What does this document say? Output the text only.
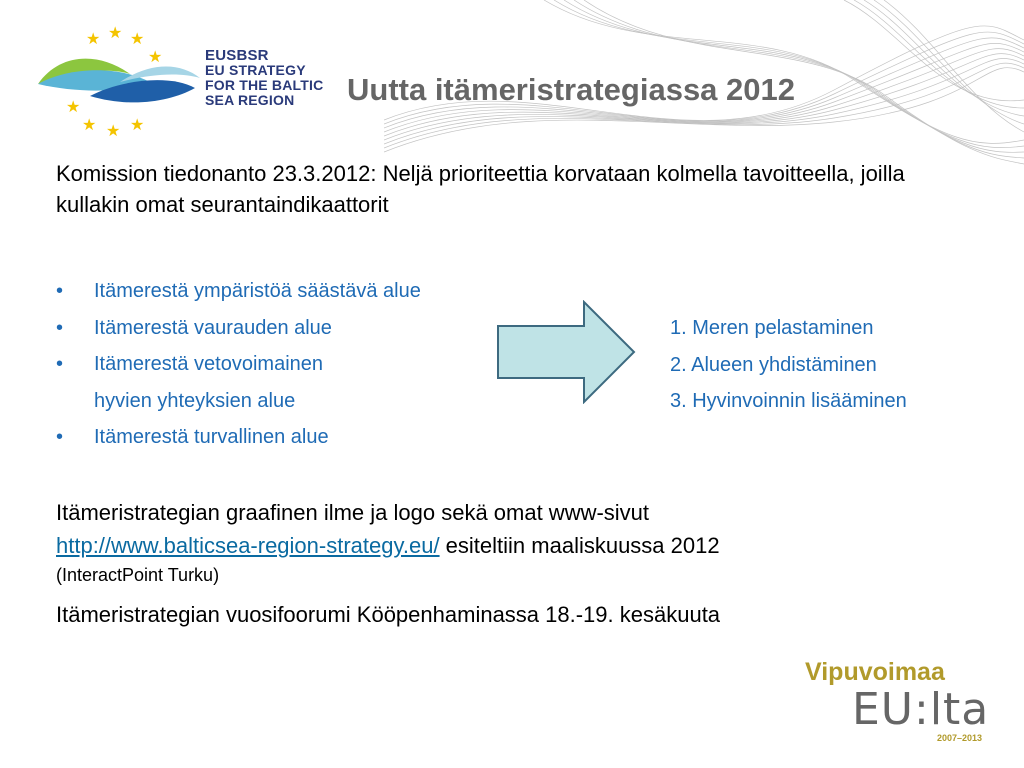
★ ★ ★
★
★
★ ★ ★
EUSBSR
EU STRATEGY
FOR THE BALTIC
SEA REGION	Uutta itämeristrategiassa 2012
Komission tiedonanto 23.3.2012: Neljä prioriteettia korvataan kolmella tavoitteella, joilla kullakin omat seurantaindikaattorit
• Itämerestä ympäristöä säästävä alue
• Itämerestä vaurauden alue
• Itämerestä vetovoimainen
hyvien yhteyksien alue
• Itämerestä turvallinen alue
1. Meren pelastaminen
2. Alueen yhdistäminen
3. Hyvinvoinnin lisääminen
Itämeristrategian graafinen ilme ja logo sekä omat www-sivut
http://www.balticsea-region-strategy.eu/ esiteltiin maaliskuussa 2012
(InteractPoint Turku)
Itämeristrategian vuosifoorumi Kööpenhaminassa 18.-19. kesäkuuta
Vipuvoimaa
EU:lta
2007–2013
